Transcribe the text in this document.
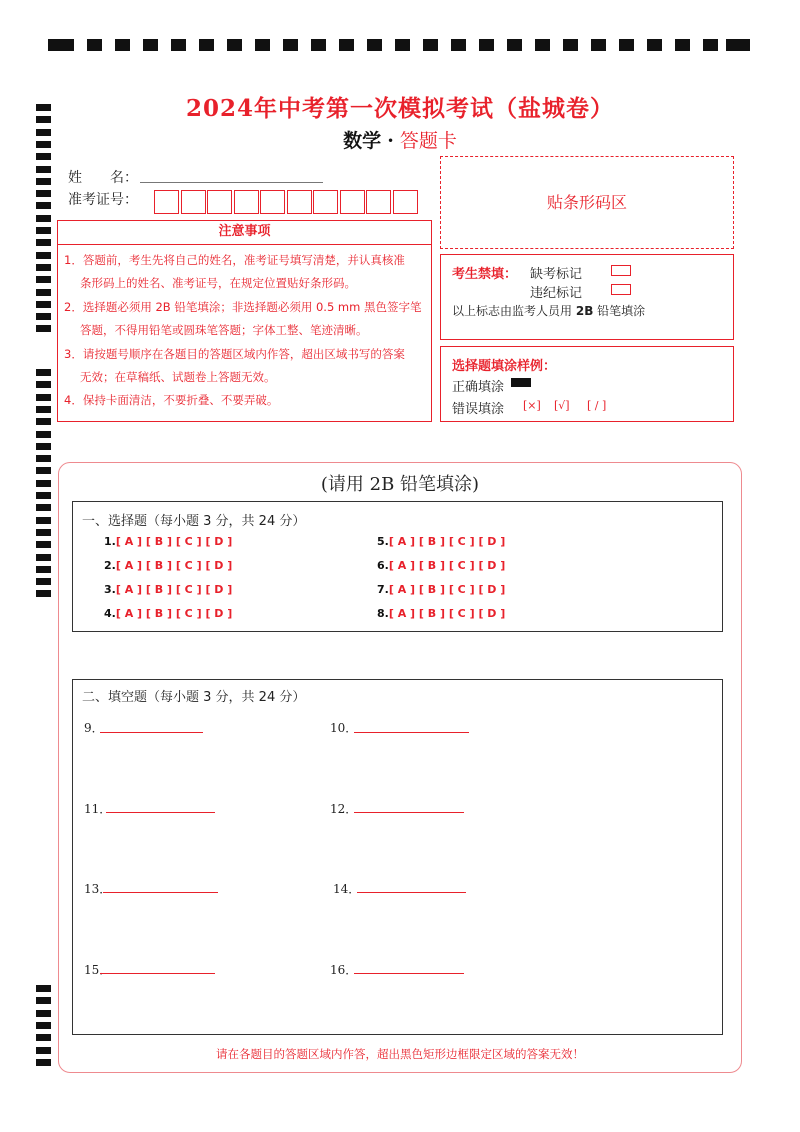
2024年中考第一次模拟考试（盐城卷）
数学 · 答题卡
姓　　名：
准考证号：	贴条形码区
注意事项
1．答题前，考生先将自己的姓名，准考证号填写清楚，并认真核准
条形码上的姓名、准考证号，在规定位置贴好条形码。
2．选择题必须用 2B 铅笔填涂；非选择题必须用 0.5 mm 黑色签字笔
答题，不得用铅笔或圆珠笔答题；字体工整、笔迹清晰。
3．请按题号顺序在各题目的答题区域内作答，超出区域书写的答案
无效；在草稿纸、试题卷上答题无效。
4．保持卡面清洁，不要折叠、不要弄破。
考生禁填： 缺考标记
违纪标记
以上标志由监考人员用 2B 铅笔填涂
选择题填涂样例：
正确填涂
错误填涂 [×] [√] [ / ]
(请用 2B 铅笔填涂)
一、选择题（每小题 3 分，共 24 分）
1.[ A ] [ B ] [ C ] [ D ]
2.[ A ] [ B ] [ C ] [ D ]
3.[ A ] [ B ] [ C ] [ D ]
4.[ A ] [ B ] [ C ] [ D ]
5.[ A ] [ B ] [ C ] [ D ]
6.[ A ] [ B ] [ C ] [ D ]
7.[ A ] [ B ] [ C ] [ D ]
8.[ A ] [ B ] [ C ] [ D ]
二、填空题（每小题 3 分，共 24 分）
9．	10．
11．	12．
13．	14．
15．	16．
请在各题目的答题区域内作答，超出黑色矩形边框限定区域的答案无效！
